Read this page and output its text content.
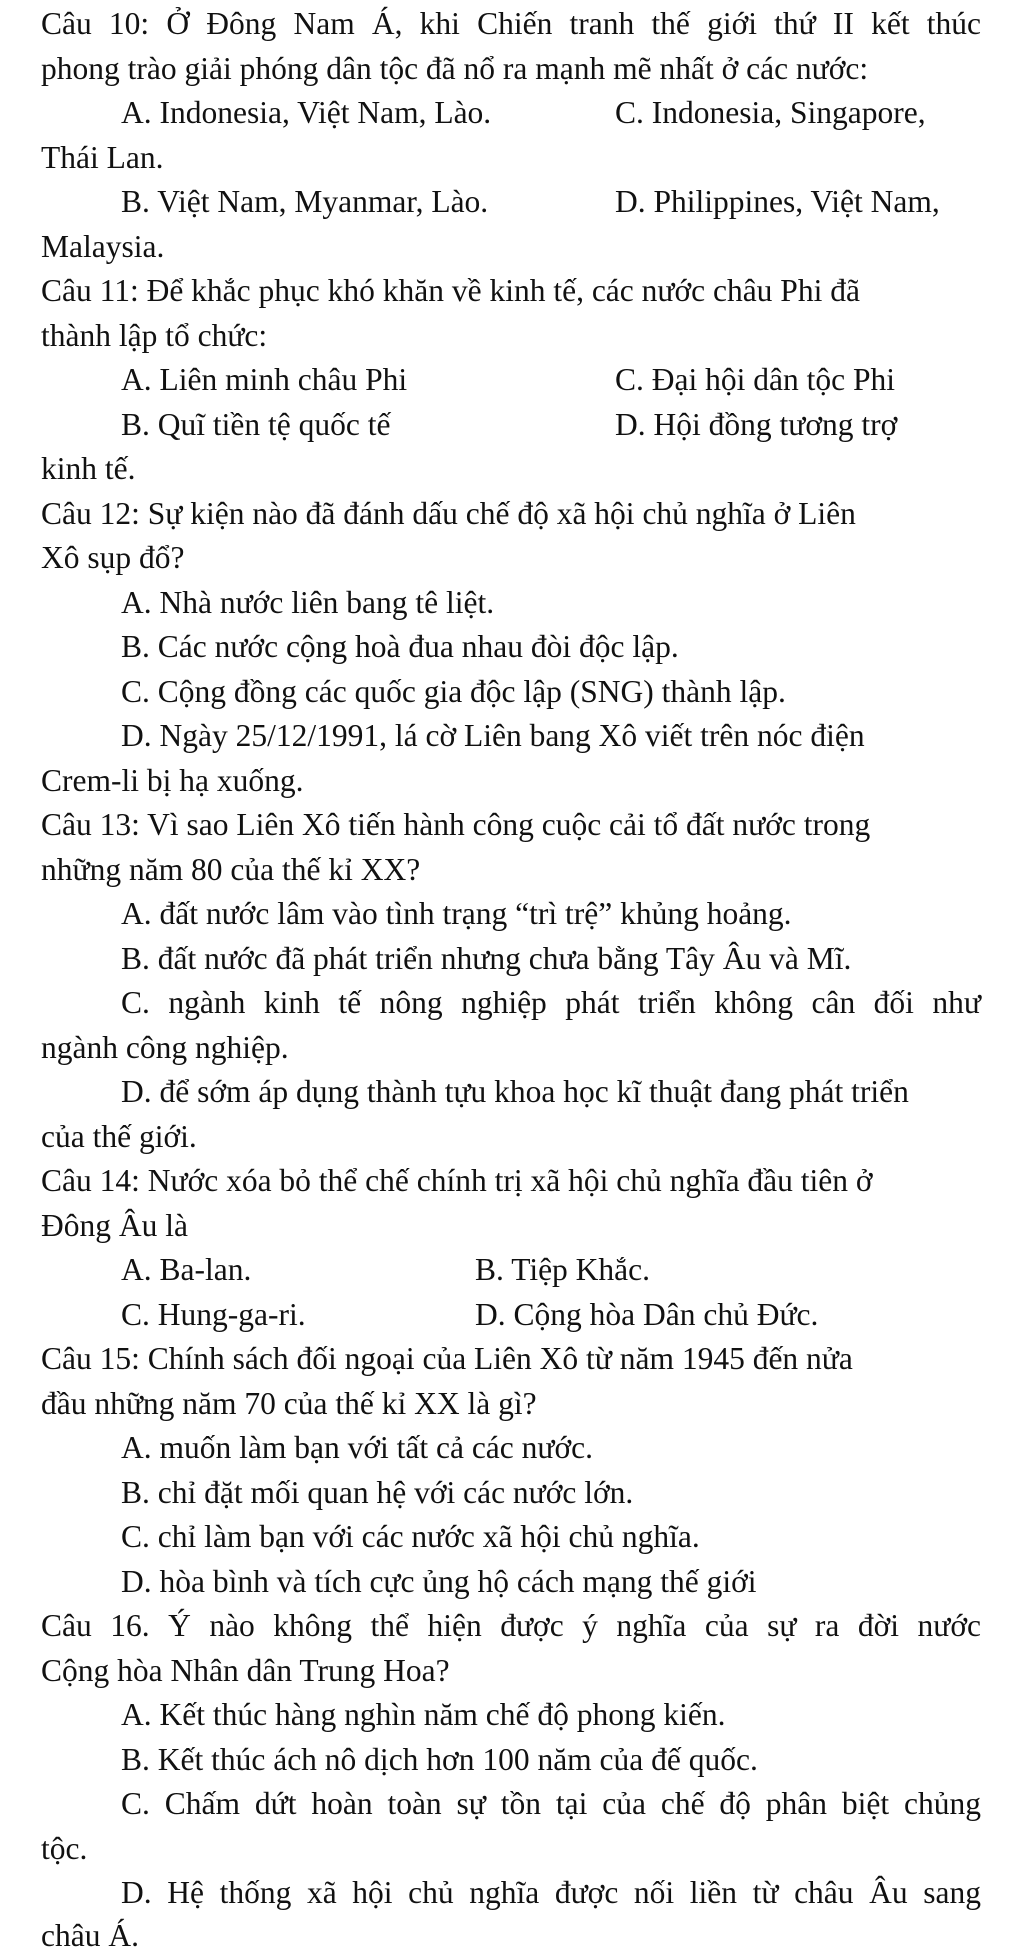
Câu 10: Ở Đông Nam Á, khi Chiến tranh thế giới thứ II kết thúc
phong trào giải phóng dân tộc đã nổ ra mạnh mẽ nhất ở các nước:
A. Indonesia, Việt Nam, Lào.	C. Indonesia, Singapore,
Thái Lan.
B. Việt Nam, Myanmar, Lào.	D. Philippines, Việt Nam,
Malaysia.
Câu 11: Để khắc phục khó khăn về kinh tế, các nước châu Phi đã
thành lập tổ chức:
A. Liên minh châu Phi	C. Đại hội dân tộc Phi
B. Quĩ tiền tệ quốc tế	D. Hội đồng tương trợ
kinh tế.
Câu 12: Sự kiện nào đã đánh dấu chế độ xã hội chủ nghĩa ở Liên
Xô sụp đổ?
A. Nhà nước liên bang tê liệt.
B. Các nước cộng hoà đua nhau đòi độc lập.
C. Cộng đồng các quốc gia độc lập (SNG) thành lập.
D. Ngày 25/12/1991, lá cờ Liên bang Xô viết trên nóc điện
Crem-li bị hạ xuống.
Câu 13: Vì sao Liên Xô tiến hành công cuộc cải tổ đất nước trong
những năm 80 của thế kỉ XX?
A. đất nước lâm vào tình trạng “trì trệ” khủng hoảng.
B. đất nước đã phát triển nhưng chưa bằng Tây Âu và Mĩ.
C. ngành kinh tế nông nghiệp phát triển không cân đối như
ngành công nghiệp.
D. để sớm áp dụng thành tựu khoa học kĩ thuật đang phát triển
của thế giới.
Câu 14: Nước xóa bỏ thể chế chính trị xã hội chủ nghĩa đầu tiên ở
Đông Âu là
A. Ba-lan.	B. Tiệp Khắc.
C. Hung-ga-ri.	D. Cộng hòa Dân chủ Đức.
Câu 15: Chính sách đối ngoại của Liên Xô từ năm 1945 đến nửa
đầu những năm 70 của thế kỉ XX là gì?
A. muốn làm bạn với tất cả các nước.
B. chỉ đặt mối quan hệ với các nước lớn.
C. chỉ làm bạn với các nước xã hội chủ nghĩa.
D. hòa bình và tích cực ủng hộ cách mạng thế giới
Câu 16. Ý nào không thể hiện được ý nghĩa của sự ra đời nước
Cộng hòa Nhân dân Trung Hoa?
A. Kết thúc hàng nghìn năm chế độ phong kiến.
B. Kết thúc ách nô dịch hơn 100 năm của đế quốc.
C. Chấm dứt hoàn toàn sự tồn tại của chế độ phân biệt chủng
tộc.
D. Hệ thống xã hội chủ nghĩa được nối liền từ châu Âu sang
châu Á.
